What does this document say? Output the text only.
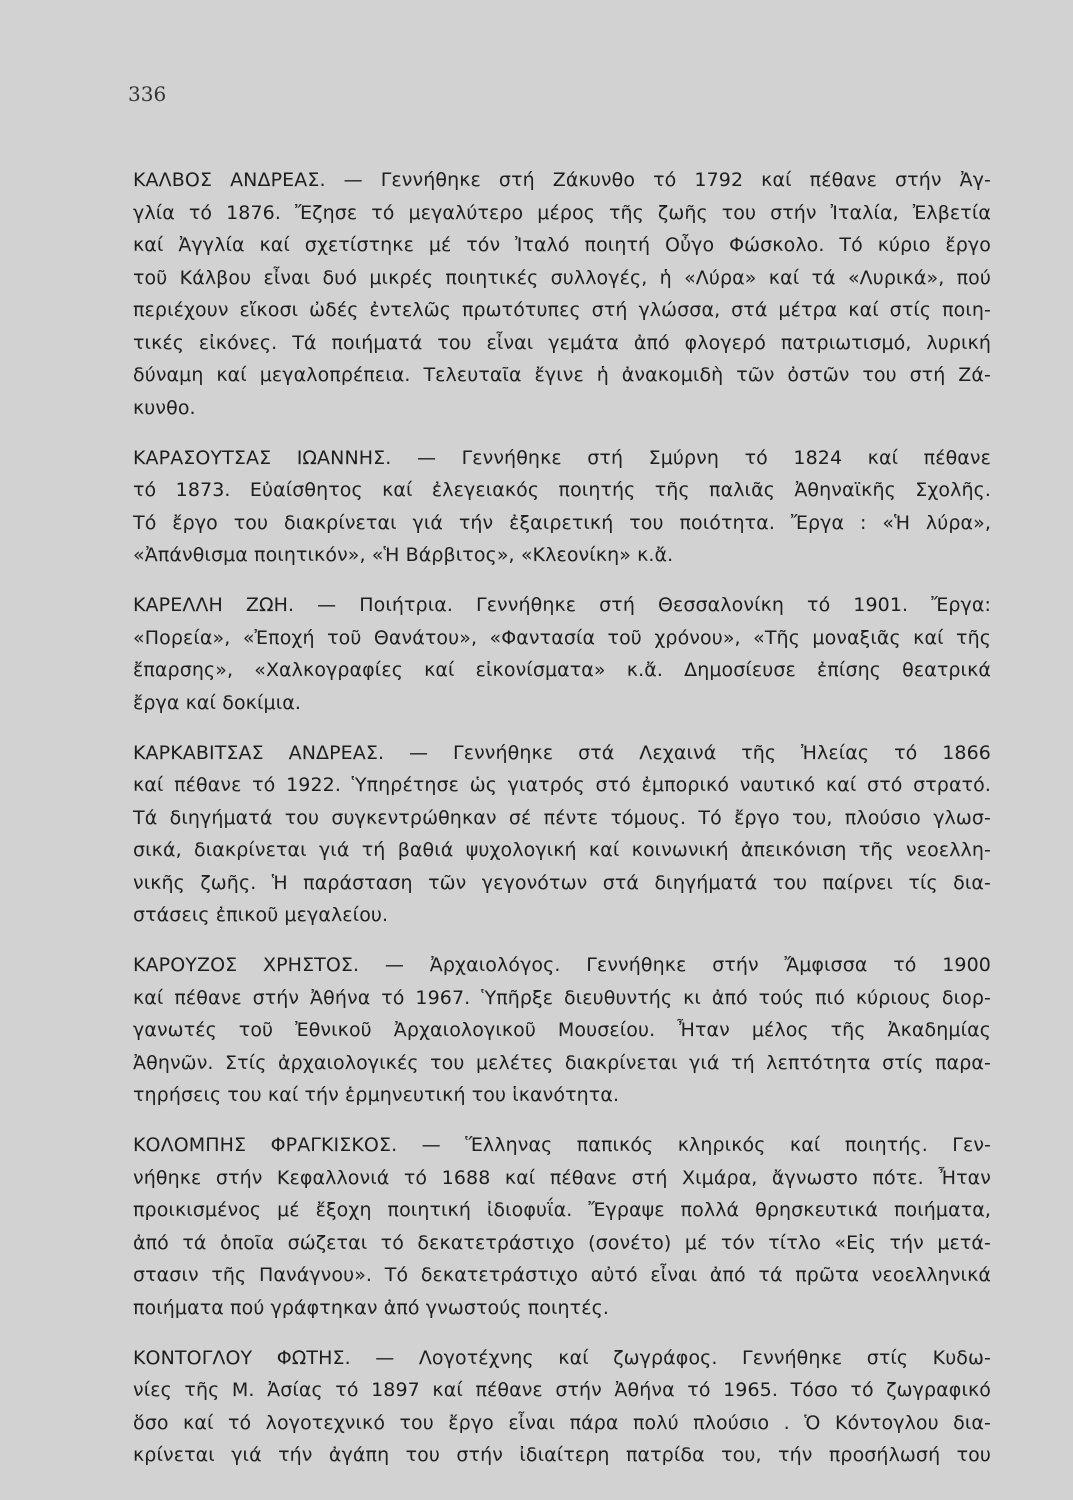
336
ΚΑΛΒΟΣ ΑΝΔΡΕΑΣ. — Γεννήθηκε στή Ζάκυνθο τό 1792 καί πέθανε στήν Ἀγ-
γλία τό 1876. Ἔζησε τό μεγαλύτερο μέρος τῆς ζωῆς του στήν Ἰταλία, Ἐλβετία
καί Ἀγγλία καί σχετίστηκε μέ τόν Ἰταλό ποιητή Οὖγο Φώσκολο. Τό κύριο ἔργο
τοῦ Κάλβου εἶναι δυό μικρές ποιητικές συλλογές, ἡ «Λύρα» καί τά «Λυρικά», πού
περιέχουν εἴκοσι ὠδές ἐντελῶς πρωτότυπες στή γλώσσα, στά μέτρα καί στίς ποιη-
τικές εἰκόνες. Τά ποιήματά του εἶναι γεμάτα ἀπό φλογερό πατριωτισμό, λυρική
δύναμη καί μεγαλοπρέπεια. Τελευταῖα ἔγινε ἡ ἀνακομιδὴ τῶν ὀστῶν του στή Ζά-
κυνθο.
ΚΑΡΑΣΟΥΤΣΑΣ ΙΩΑΝΝΗΣ. — Γεννήθηκε στή Σμύρνη τό 1824 καί πέθανε
τό 1873. Εὐαίσθητος καί ἐλεγειακός ποιητής τῆς παλιᾶς Ἀθηναϊκῆς Σχολῆς.
Τό ἔργο του διακρίνεται γιά τήν ἐξαιρετική του ποιότητα. Ἔργα : «Ἡ λύρα»,
«Ἀπάνθισμα ποιητικόν», «Ἡ Βάρβιτος», «Κλεονίκη» κ.ἄ.
ΚΑΡΕΛΛΗ ΖΩΗ. — Ποιήτρια. Γεννήθηκε στή Θεσσαλονίκη τό 1901. Ἔργα:
«Πορεία», «Ἐποχή τοῦ Θανάτου», «Φαντασία τοῦ χρόνου», «Τῆς μοναξιᾶς καί τῆς
ἔπαρσης», «Χαλκογραφίες καί εἰκονίσματα» κ.ἄ. Δημοσίευσε ἐπίσης θεατρικά
ἔργα καί δοκίμια.
ΚΑΡΚΑΒΙΤΣΑΣ ΑΝΔΡΕΑΣ. — Γεννήθηκε στά Λεχαινά τῆς Ἠλείας τό 1866
καί πέθανε τό 1922. Ὑπηρέτησε ὡς γιατρός στό ἐμπορικό ναυτικό καί στό στρατό.
Τά διηγήματά του συγκεντρώθηκαν σέ πέντε τόμους. Τό ἔργο του, πλούσιο γλωσ-
σικά, διακρίνεται γιά τή βαθιά ψυχολογική καί κοινωνική ἀπεικόνιση τῆς νεοελλη-
νικῆς ζωῆς. Ἡ παράσταση τῶν γεγονότων στά διηγήματά του παίρνει τίς δια-
στάσεις ἐπικοῦ μεγαλείου.
ΚΑΡΟΥΖΟΣ ΧΡΗΣΤΟΣ. — Ἀρχαιολόγος. Γεννήθηκε στήν Ἄμφισσα τό 1900
καί πέθανε στήν Ἀθήνα τό 1967. Ὑπῆρξε διευθυντής κι ἀπό τούς πιό κύριους διορ-
γανωτές τοῦ Ἐθνικοῦ Ἀρχαιολογικοῦ Μουσείου. Ἦταν μέλος τῆς Ἀκαδημίας
Ἀθηνῶν. Στίς ἀρχαιολογικές του μελέτες διακρίνεται γιά τή λεπτότητα στίς παρα-
τηρήσεις του καί τήν ἑρμηνευτική του ἱκανότητα.
ΚΟΛΟΜΠΗΣ ΦΡΑΓΚΙΣΚΟΣ. — Ἕλληνας παπικός κληρικός καί ποιητής. Γεν-
νήθηκε στήν Κεφαλλονιά τό 1688 καί πέθανε στή Χιμάρα, ἄγνωστο πότε. Ἦταν
προικισμένος μέ ἔξοχη ποιητική ἰδιοφυΐα. Ἔγραψε πολλά θρησκευτικά ποιήματα,
ἀπό τά ὁποῖα σώζεται τό δεκατετράστιχο (σονέτο) μέ τόν τίτλο «Εἰς τήν μετά-
στασιν τῆς Πανάγνου». Τό δεκατετράστιχο αὐτό εἶναι ἀπό τά πρῶτα νεοελληνικά
ποιήματα πού γράφτηκαν ἀπό γνωστούς ποιητές.
ΚΟΝΤΟΓΛΟΥ ΦΩΤΗΣ. — Λογοτέχνης καί ζωγράφος. Γεννήθηκε στίς Κυδω-
νίες τῆς Μ. Ἀσίας τό 1897 καί πέθανε στήν Ἀθήνα τό 1965. Τόσο τό ζωγραφικό
ὅσο καί τό λογοτεχνικό του ἔργο εἶναι πάρα πολύ πλούσιο . Ὁ Κόντογλου δια-
κρίνεται γιά τήν ἀγάπη του στήν ἰδιαίτερη πατρίδα του, τήν προσήλωσή του
